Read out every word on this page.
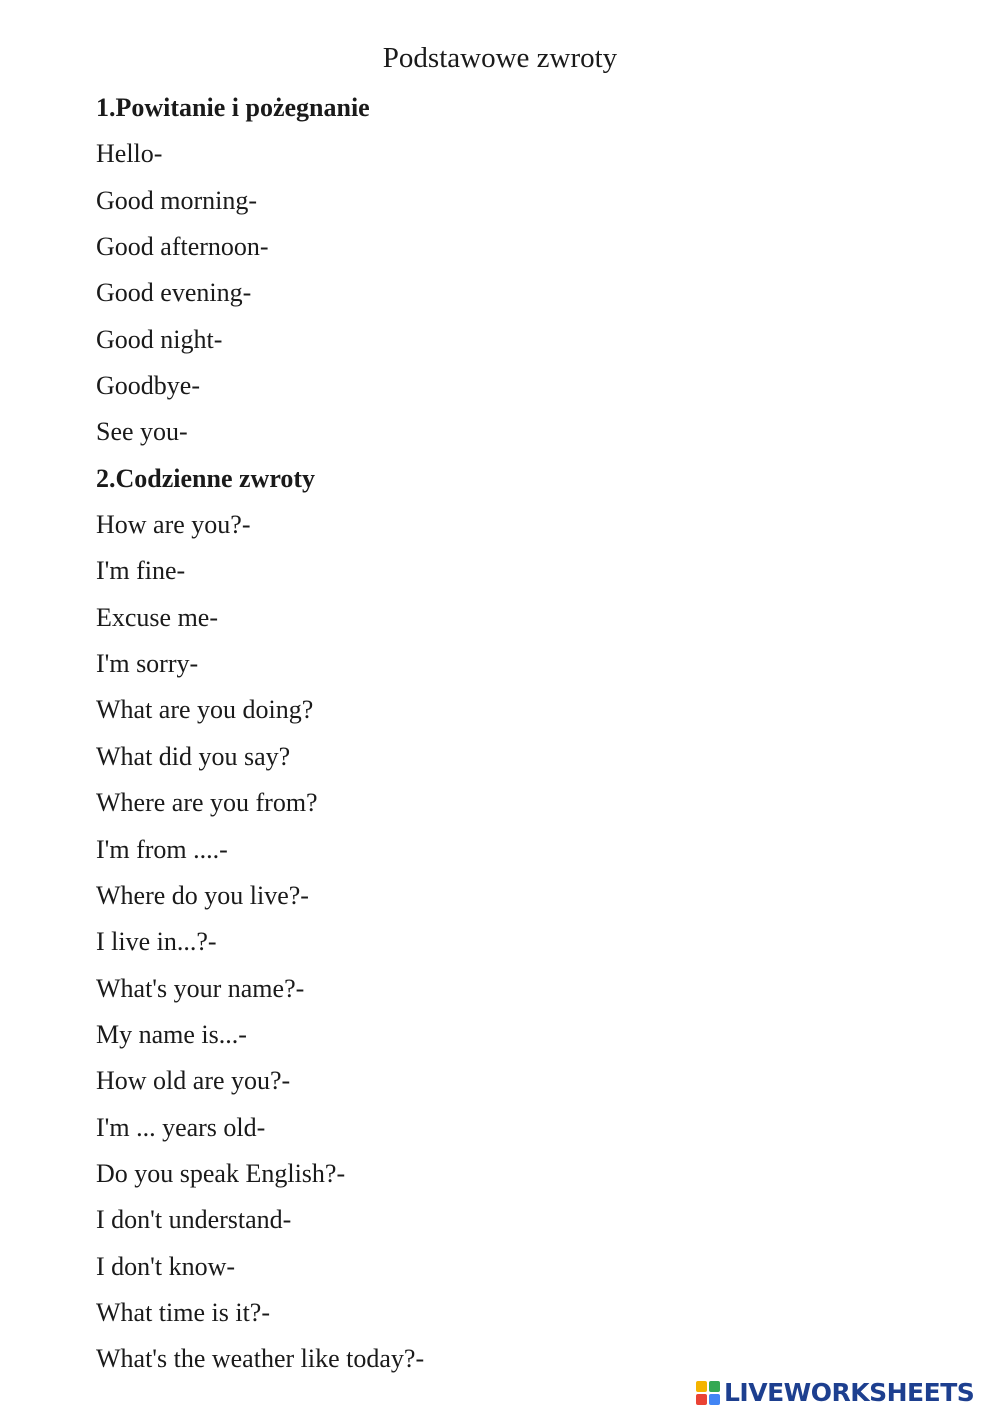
Podstawowe zwroty
1.Powitanie i pożegnanie
Hello-
Good morning-
Good afternoon-
Good evening-
Good night-
Goodbye-
See you-
2.Codzienne zwroty
How are you?-
I'm fine-
Excuse me-
I'm sorry-
What are you doing?
What did you say?
Where are you from?
I'm from ....-
Where do you live?-
I live in...?-
What's your name?-
My name is...-
How old are you?-
I'm ... years old-
Do you speak English?-
I don't understand-
I don't know-
What time is it?-
What's the weather like today?-
LIVEWORKSHEETS
